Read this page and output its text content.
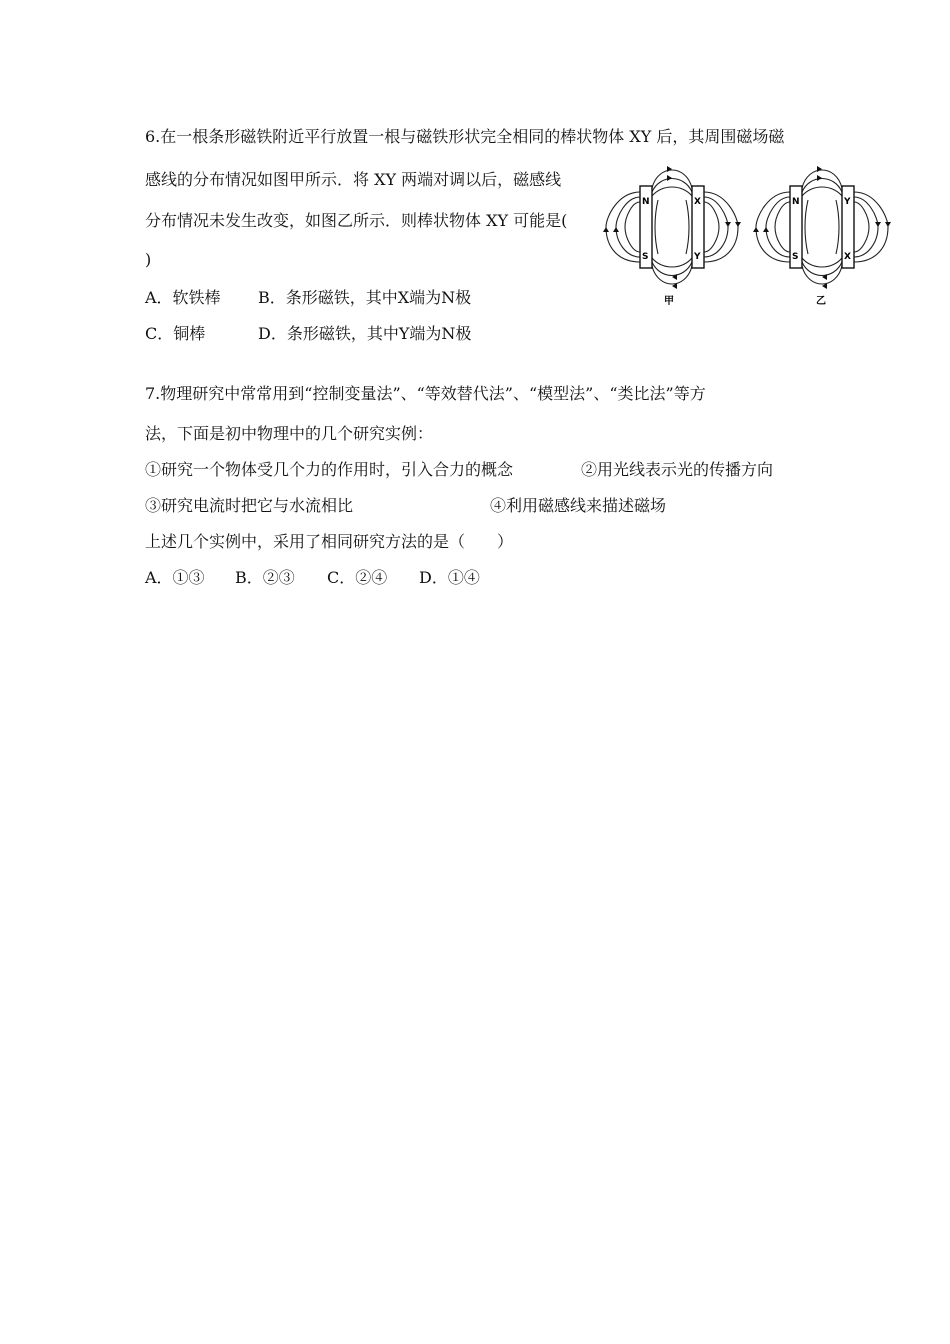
6.在一根条形磁铁附近平行放置一根与磁铁形状完全相同的棒状物体 XY 后，其周围磁场磁
感线的分布情况如图甲所示．将 XY 两端对调以后，磁感线
分布情况未发生改变，如图乙所示．则棒状物体 XY 可能是(
)
A．软铁棒 B．条形磁铁，其中X端为N极
C．铜棒	D．条形磁铁，其中Y端为N极
N
S
X
Y
N
S
Y
X
甲	乙
7.物理研究中常常用到“控制变量法”、“等效替代法”、“模型法”、“类比法”等方
法，下面是初中物理中的几个研究实例：
①研究一个物体受几个力的作用时，引入合力的概念	②用光线表示光的传播方向
③研究电流时把它与水流相比	④利用磁感线来描述磁场
上述几个实例中，采用了相同研究方法的是（　　）
A．①③ B．②③ C．②④ D．①④
